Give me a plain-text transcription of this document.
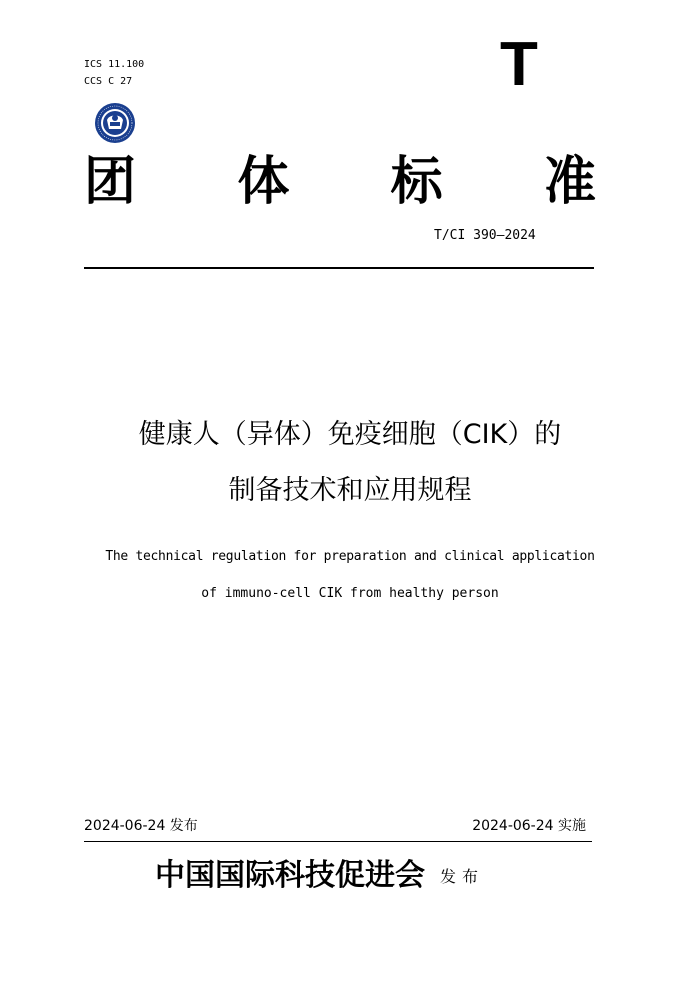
ICS 11.100
CCS C 27	T
团 体 标 准
T/CI 390—2024
健康人（异体）免疫细胞（CIK）的
制备技术和应用规程
The technical regulation for preparation and clinical application
of immuno-cell CIK from healthy person
2024-06-24 发布	2024-06-24 实施
中国国际科技促进会 发布
